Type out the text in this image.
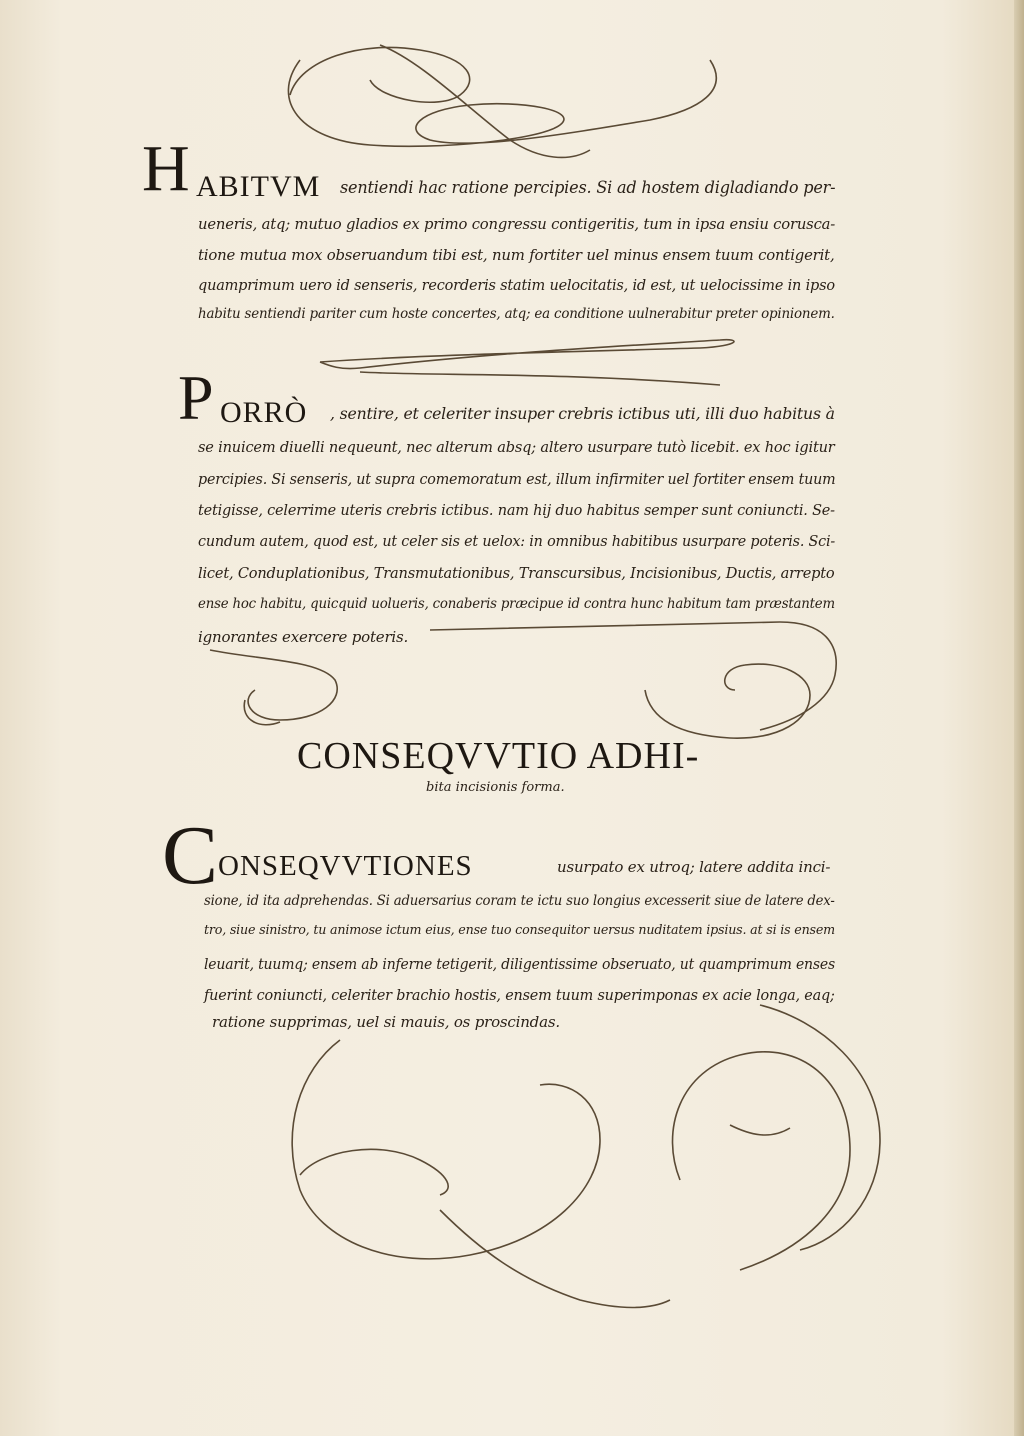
H ABITVM sentiendi hac ratione percipies. Si ad hostem digladiando per-
ueneris, atq; mutuo gladios ex primo congressu contigeritis, tum in ipsa ensiu corusca-
tione mutua mox obseruandum tibi est, num fortiter uel minus ensem tuum contigerit,
quamprimum uero id senseris, recorderis statim uelocitatis, id est, ut uelocissime in ipso
habitu sentiendi pariter cum hoste concertes, atq; ea conditione uulnerabitur preter opinionem.
P ORRÒ , sentire, et celeriter insuper crebris ictibus uti, illi duo habitus à
se inuicem diuelli nequeunt, nec alterum absq; altero usurpare tutò licebit. ex hoc igitur
percipies. Si senseris, ut supra comemoratum est, illum infirmiter uel fortiter ensem tuum
tetigisse, celerrime uteris crebris ictibus. nam hij duo habitus semper sunt coniuncti. Se-
cundum autem, quod est, ut celer sis et uelox: in omnibus habitibus usurpare poteris. Sci-
licet, Conduplationibus, Transmutationibus, Transcursibus, Incisionibus, Ductis, arrepto
ense hoc habitu, quicquid uolueris, conaberis præcipue id contra hunc habitum tam præstantem
ignorantes exercere poteris.
CONSEQVVTIO ADHI-
bita incisionis forma.
C ONSEQVVTIONES	usurpato ex utroq; latere addita inci-
sione, id ita adprehendas. Si aduersarius coram te ictu suo longius excesserit siue de latere dex-
tro, siue sinistro, tu animose ictum eius, ense tuo consequitor uersus nuditatem ipsius. at si is ensem
leuarit, tuumq; ensem ab inferne tetigerit, diligentissime obseruato, ut quamprimum enses
fuerint coniuncti, celeriter brachio hostis, ensem tuum superimponas ex acie longa, eaq;
ratione supprimas, uel si mauis, os proscindas.
